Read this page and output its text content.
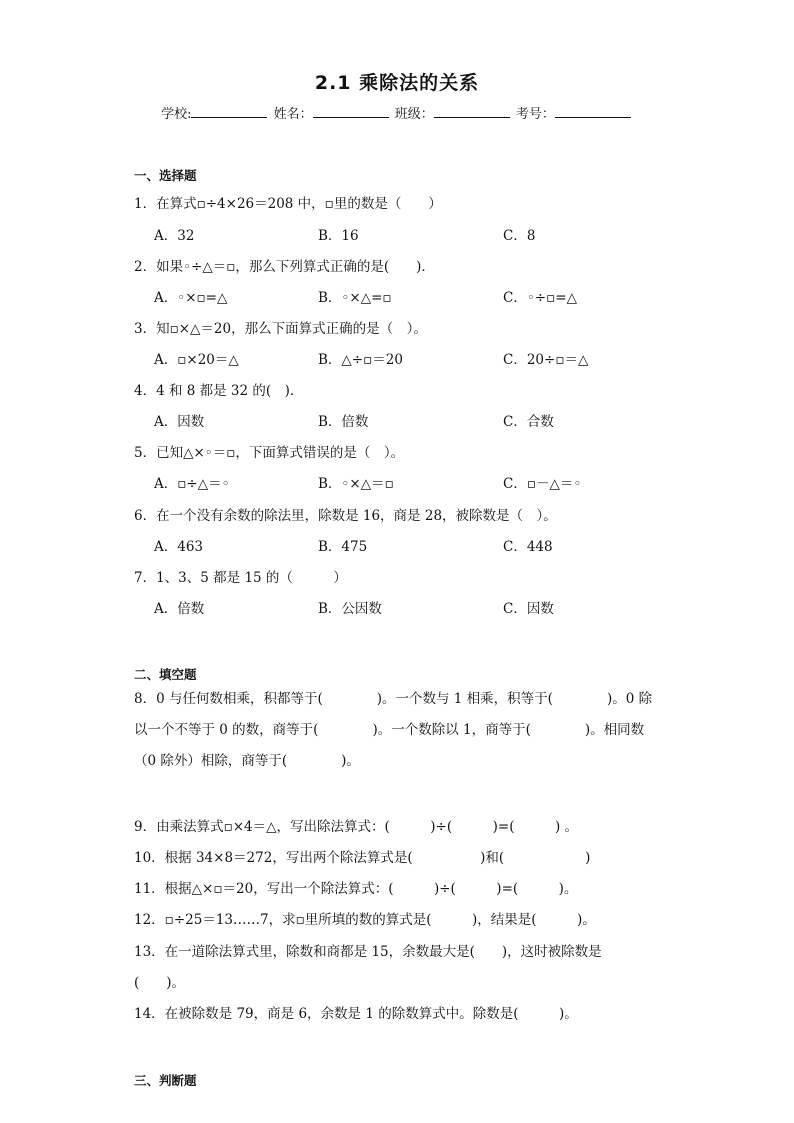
2.1 乘除法的关系
学校:	姓名：	班级：	考号：
一、选择题
1．在算式▫÷4×26＝208 中，▫里的数是（　　）
A．32	B．16	C．8
2．如果◦÷△＝▫，那么下列算式正确的是(　　)．
A．◦×▫=△	B．◦×△=▫	C．◦÷▫=△
3．知▫×△＝20，那么下面算式正确的是（　）。
A．▫×20＝△	B．△÷▫＝20	C．20÷▫＝△
4．4 和 8 都是 32 的(　)．
A．因数	B．倍数	C．合数
5．已知△×◦＝▫，下面算式错误的是（　）。
A．▫÷△＝◦	B．◦×△＝▫	C．▫－△＝◦
6．在一个没有余数的除法里，除数是 16，商是 28，被除数是（　）。
A．463	B．475	C．448
7．1、3、5 都是 15 的（　　　）
A．倍数	B．公因数	C．因数
二、填空题
8．0 与任何数相乘，积都等于(　　　　)。一个数与 1 相乘，积等于(　　　　)。0 除以一个不等于 0 的数，商等于(　　　　)。一个数除以 1，商等于(　　　　)。相同数（0 除外）相除，商等于(　　　　)。
9．由乘法算式▫×4＝△，写出除法算式：(　　　)÷(　　　)=(　　　) 。
10．根据 34×8＝272，写出两个除法算式是(　　　　　)和(　　　　　　)
11．根据△×▫＝20，写出一个除法算式：(　　　)÷(　　　)=(　　　)。
12．▫÷25＝13……7，求▫里所填的数的算式是(　　　)，结果是(　　　)。
13．在一道除法算式里，除数和商都是 15，余数最大是(　　)，这时被除数是
(　　)。
14．在被除数是 79，商是 6，余数是 1 的除数算式中。除数是(　　　)。
三、判断题
